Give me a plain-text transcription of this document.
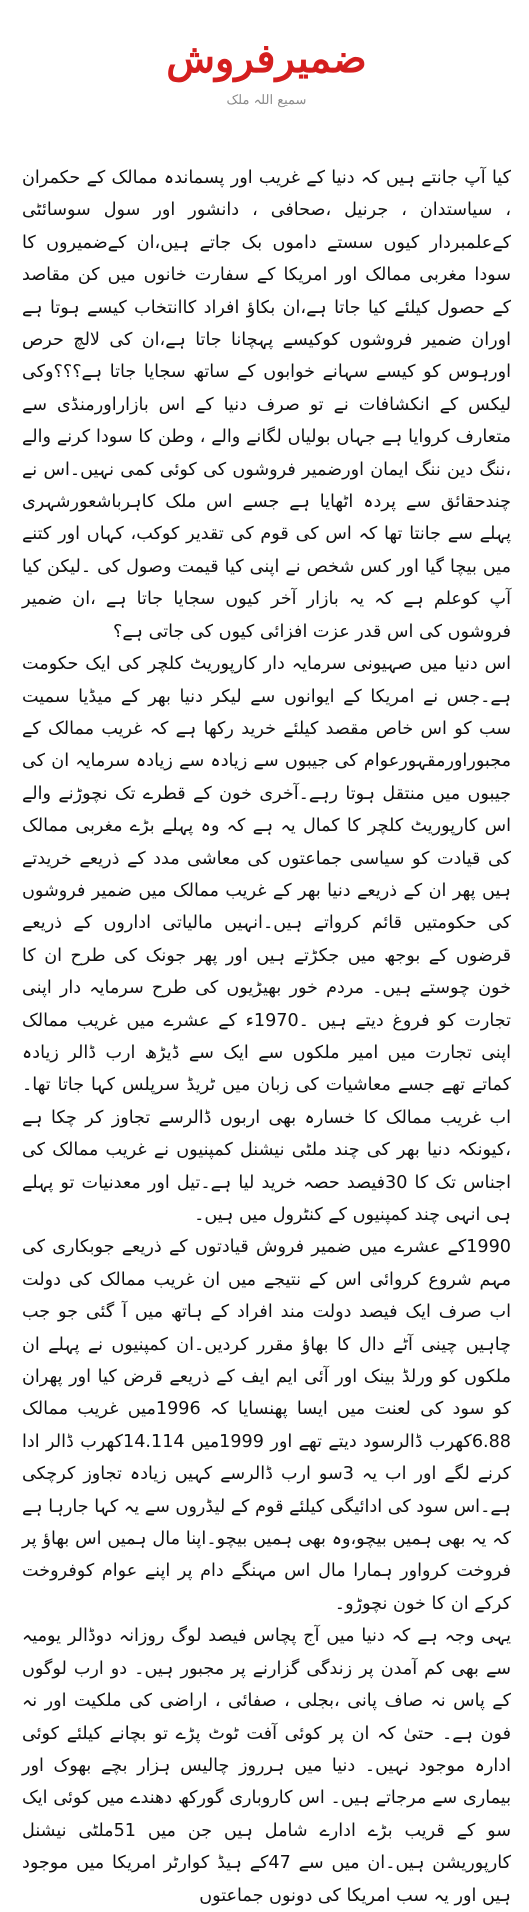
ضمیرفروش
سمیع اللہ ملک

کیا آپ جانتے ہیں کہ دنیا کے غریب اور پسماندہ ممالک کے حکمران ، سیاستدان ، جرنیل ،صحافی ، دانشور اور سول سوسائٹی کےعلمبردار کیوں سستے داموں بک جاتے ہیں،ان کےضمیروں کا سودا مغربی ممالک اور امریکا کے سفارت خانوں میں کن مقاصد کے حصول کیلئے کیا جاتا ہے،ان بکاؤ افراد کاانتخاب کیسے ہوتا ہے اوران ضمیر فروشوں کوکیسے پہچانا جاتا ہے،ان کی لالچ حرص اورہوس کو کیسے سہانے خوابوں کے ساتھ سجایا جاتا ہے؟؟؟وکی لیکس کے انکشافات نے تو صرف دنیا کے اس بازاراورمنڈی سے متعارف کروایا ہے جہاں بولیاں لگانے والے ، وطن کا سودا کرنے والے ،ننگ دین ننگ ایمان اورضمیر فروشوں کی کوئی کمی نہیں۔اس نے چندحقائق سے پردہ اٹھایا ہے جسے اس ملک کاہرباشعورشہری پہلے سے جانتا تھا کہ اس کی قوم کی تقدیر کوکب، کہاں اور کتنے میں بیچا گیا اور کس شخص نے اپنی کیا قیمت وصول کی ۔لیکن کیا آپ کوعلم ہے کہ یہ بازار آخر کیوں سجایا جاتا ہے ،ان ضمیر فروشوں کی اس قدر عزت افزائی کیوں کی جاتی ہے؟

اس دنیا میں صہیونی سرمایہ دار کارپوریٹ کلچر کی ایک حکومت ہے۔جس نے امریکا کے ایوانوں سے لیکر دنیا بھر کے میڈیا سمیت سب کو اس خاص مقصد کیلئے خرید رکھا ہے کہ غریب ممالک کے مجبوراورمقہورعوام کی جیبوں سے زیادہ سے زیادہ سرمایہ ان کی جیبوں میں منتقل ہوتا رہے۔آخری خون کے قطرے تک نچوڑنے والے اس کارپوریٹ کلچر کا کمال یہ ہے کہ وہ پہلے بڑے مغربی ممالک کی قیادت کو سیاسی جماعتوں کی معاشی مدد کے ذریعے خریدتے ہیں پھر ان کے ذریعے دنیا بھر کے غریب ممالک میں ضمیر فروشوں کی حکومتیں قائم کرواتے ہیں۔انہیں مالیاتی اداروں کے ذریعے قرضوں کے بوجھ میں جکڑتے ہیں اور پھر جونک کی طرح ان کا خون چوستے ہیں۔ مردم خور بھیڑیوں کی طرح سرمایہ دار اپنی تجارت کو فروغ دیتے ہیں ۔1970ء کے عشرے میں غریب ممالک اپنی تجارت میں امیر ملکوں سے ایک سے ڈیڑھ ارب ڈالر زیادہ کماتے تھے جسے معاشیات کی زبان میں ٹریڈ سرپلس کہا جاتا تھا۔اب غریب ممالک کا خسارہ بھی اربوں ڈالرسے تجاوز کر چکا ہے ،کیونکہ دنیا بھر کی چند ملٹی نیشنل کمپنیوں نے غریب ممالک کی اجناس تک کا 30فیصد حصہ خرید لیا ہے۔تیل اور معدنیات تو پہلے ہی انہی چند کمپنیوں کے کنٹرول میں ہیں۔

1990کے عشرے میں ضمیر فروش قیادتوں کے ذریعے جوبکاری کی مہم شروع کروائی اس کے نتیجے میں ان غریب ممالک کی دولت اب صرف ایک فیصد دولت مند افراد کے ہاتھ میں آ گئی جو جب چاہیں چینی آٹے دال کا بھاؤ مقرر کردیں۔ان کمپنیوں نے پہلے ان ملکوں کو ورلڈ بینک اور آئی ایم ایف کے ذریعے قرض کیا اور پھران کو سود کی لعنت میں ایسا پھنسایا کہ 1996میں غریب ممالک 6.88کھرب ڈالرسود دیتے تھے اور 1999میں 14.114کھرب ڈالر ادا کرنے لگے اور اب یہ 3سو ارب ڈالرسے کہیں زیادہ تجاوز کرچکی ہے۔اس سود کی ادائیگی کیلئے قوم کے لیڈروں سے یہ کہا جارہا ہے کہ یہ بھی ہمیں بیچو،وہ بھی ہمیں بیچو۔اپنا مال ہمیں اس بھاؤ پر فروخت کرواور ہمارا مال اس مہنگے دام پر اپنے عوام کوفروخت کرکے ان کا خون نچوڑو۔

یہی وجہ ہے کہ دنیا میں آج پچاس فیصد لوگ روزانہ دوڈالر یومیہ سے بھی کم آمدن پر زندگی گزارنے پر مجبور ہیں۔ دو ارب لوگوں کے پاس نہ صاف پانی ،بجلی ، صفائی ، اراضی کی ملکیت اور نہ فون ہے۔ حتیٰ کہ ان پر کوئی آفت ٹوٹ پڑے تو بچانے کیلئے کوئی ادارہ موجود نہیں۔ دنیا میں ہرروز چالیس ہزار بچے بھوک اور بیماری سے مرجاتے ہیں۔ اس کاروباری گورکھ دھندے میں کوئی ایک سو کے قریب بڑے ادارے شامل ہیں جن میں 51ملٹی نیشنل کارپوریشن ہیں۔ان میں سے 47کے ہیڈ کوارٹر امریکا میں موجود ہیں اور یہ سب امریکا کی دونوں جماعتوں
